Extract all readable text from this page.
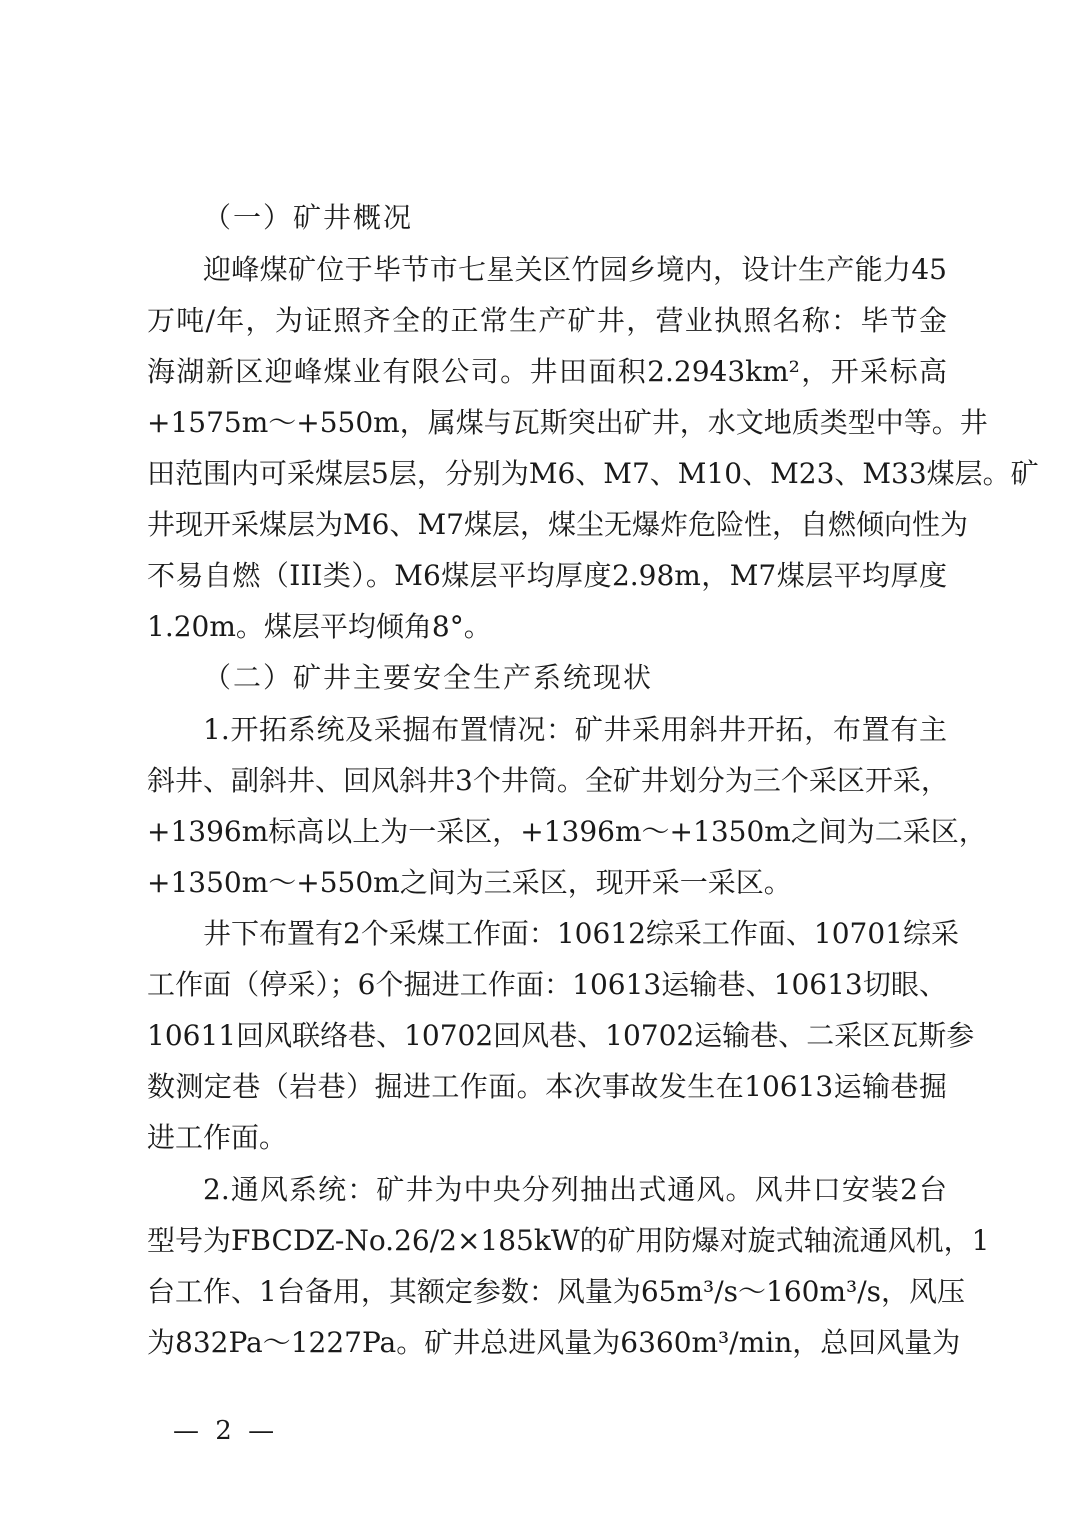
（一）矿井概况
迎峰煤矿位于毕节市七星关区竹园乡境内，设计生产能力45
万吨/年，为证照齐全的正常生产矿井，营业执照名称：毕节金
海湖新区迎峰煤业有限公司。井田面积2.2943km²，开采标高
+1575m～+550m，属煤与瓦斯突出矿井，水文地质类型中等。井
田范围内可采煤层5层，分别为M6、M7、M10、M23、M33煤层。矿
井现开采煤层为M6、M7煤层，煤尘无爆炸危险性，自燃倾向性为
不易自燃（III类）。M6煤层平均厚度2.98m，M7煤层平均厚度
1.20m。煤层平均倾角8°。
（二）矿井主要安全生产系统现状
1.开拓系统及采掘布置情况：矿井采用斜井开拓，布置有主
斜井、副斜井、回风斜井3个井筒。全矿井划分为三个采区开采，
+1396m标高以上为一采区，+1396m～+1350m之间为二采区，
+1350m～+550m之间为三采区，现开采一采区。
井下布置有2个采煤工作面：10612综采工作面、10701综采
工作面（停采）；6个掘进工作面：10613运输巷、10613切眼、
10611回风联络巷、10702回风巷、10702运输巷、二采区瓦斯参
数测定巷（岩巷）掘进工作面。本次事故发生在10613运输巷掘
进工作面。
2.通风系统：矿井为中央分列抽出式通风。风井口安装2台
型号为FBCDZ-No.26/2×185kW的矿用防爆对旋式轴流通风机，1
台工作、1台备用，其额定参数：风量为65m³/s～160m³/s，风压
为832Pa～1227Pa。矿井总进风量为6360m³/min，总回风量为
— 2 —
